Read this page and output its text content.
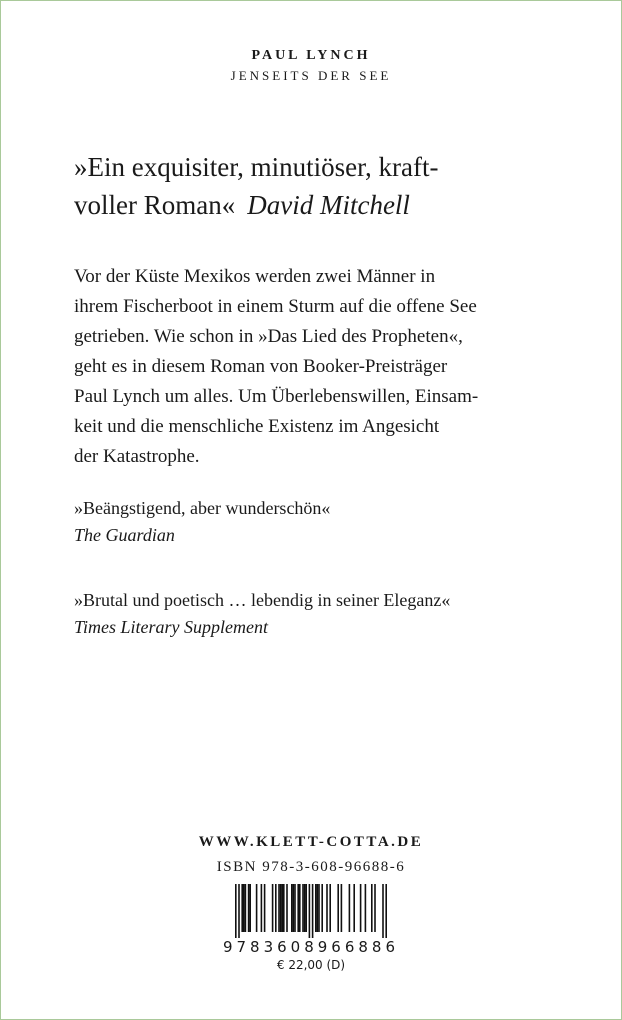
PAUL LYNCH
JENSEITS DER SEE
»Ein exquisiter, minutiöser, kraft-
voller Roman« David Mitchell
Vor der Küste Mexikos werden zwei Männer in
ihrem Fischerboot in einem Sturm auf die offene See
getrieben. Wie schon in »Das Lied des Propheten«,
geht es in diesem Roman von Booker-Preisträger
Paul Lynch um alles. Um Überlebenswillen, Einsam-
keit und die menschliche Existenz im Angesicht
der Katastrophe.
»Beängstigend, aber wunderschön«
The Guardian
»Brutal und poetisch … lebendig in seiner Eleganz«
Times Literary Supplement
WWW.KLETT-COTTA.DE
ISBN 978-3-608-96688-6
9783608966886
€ 22,00 (D)
